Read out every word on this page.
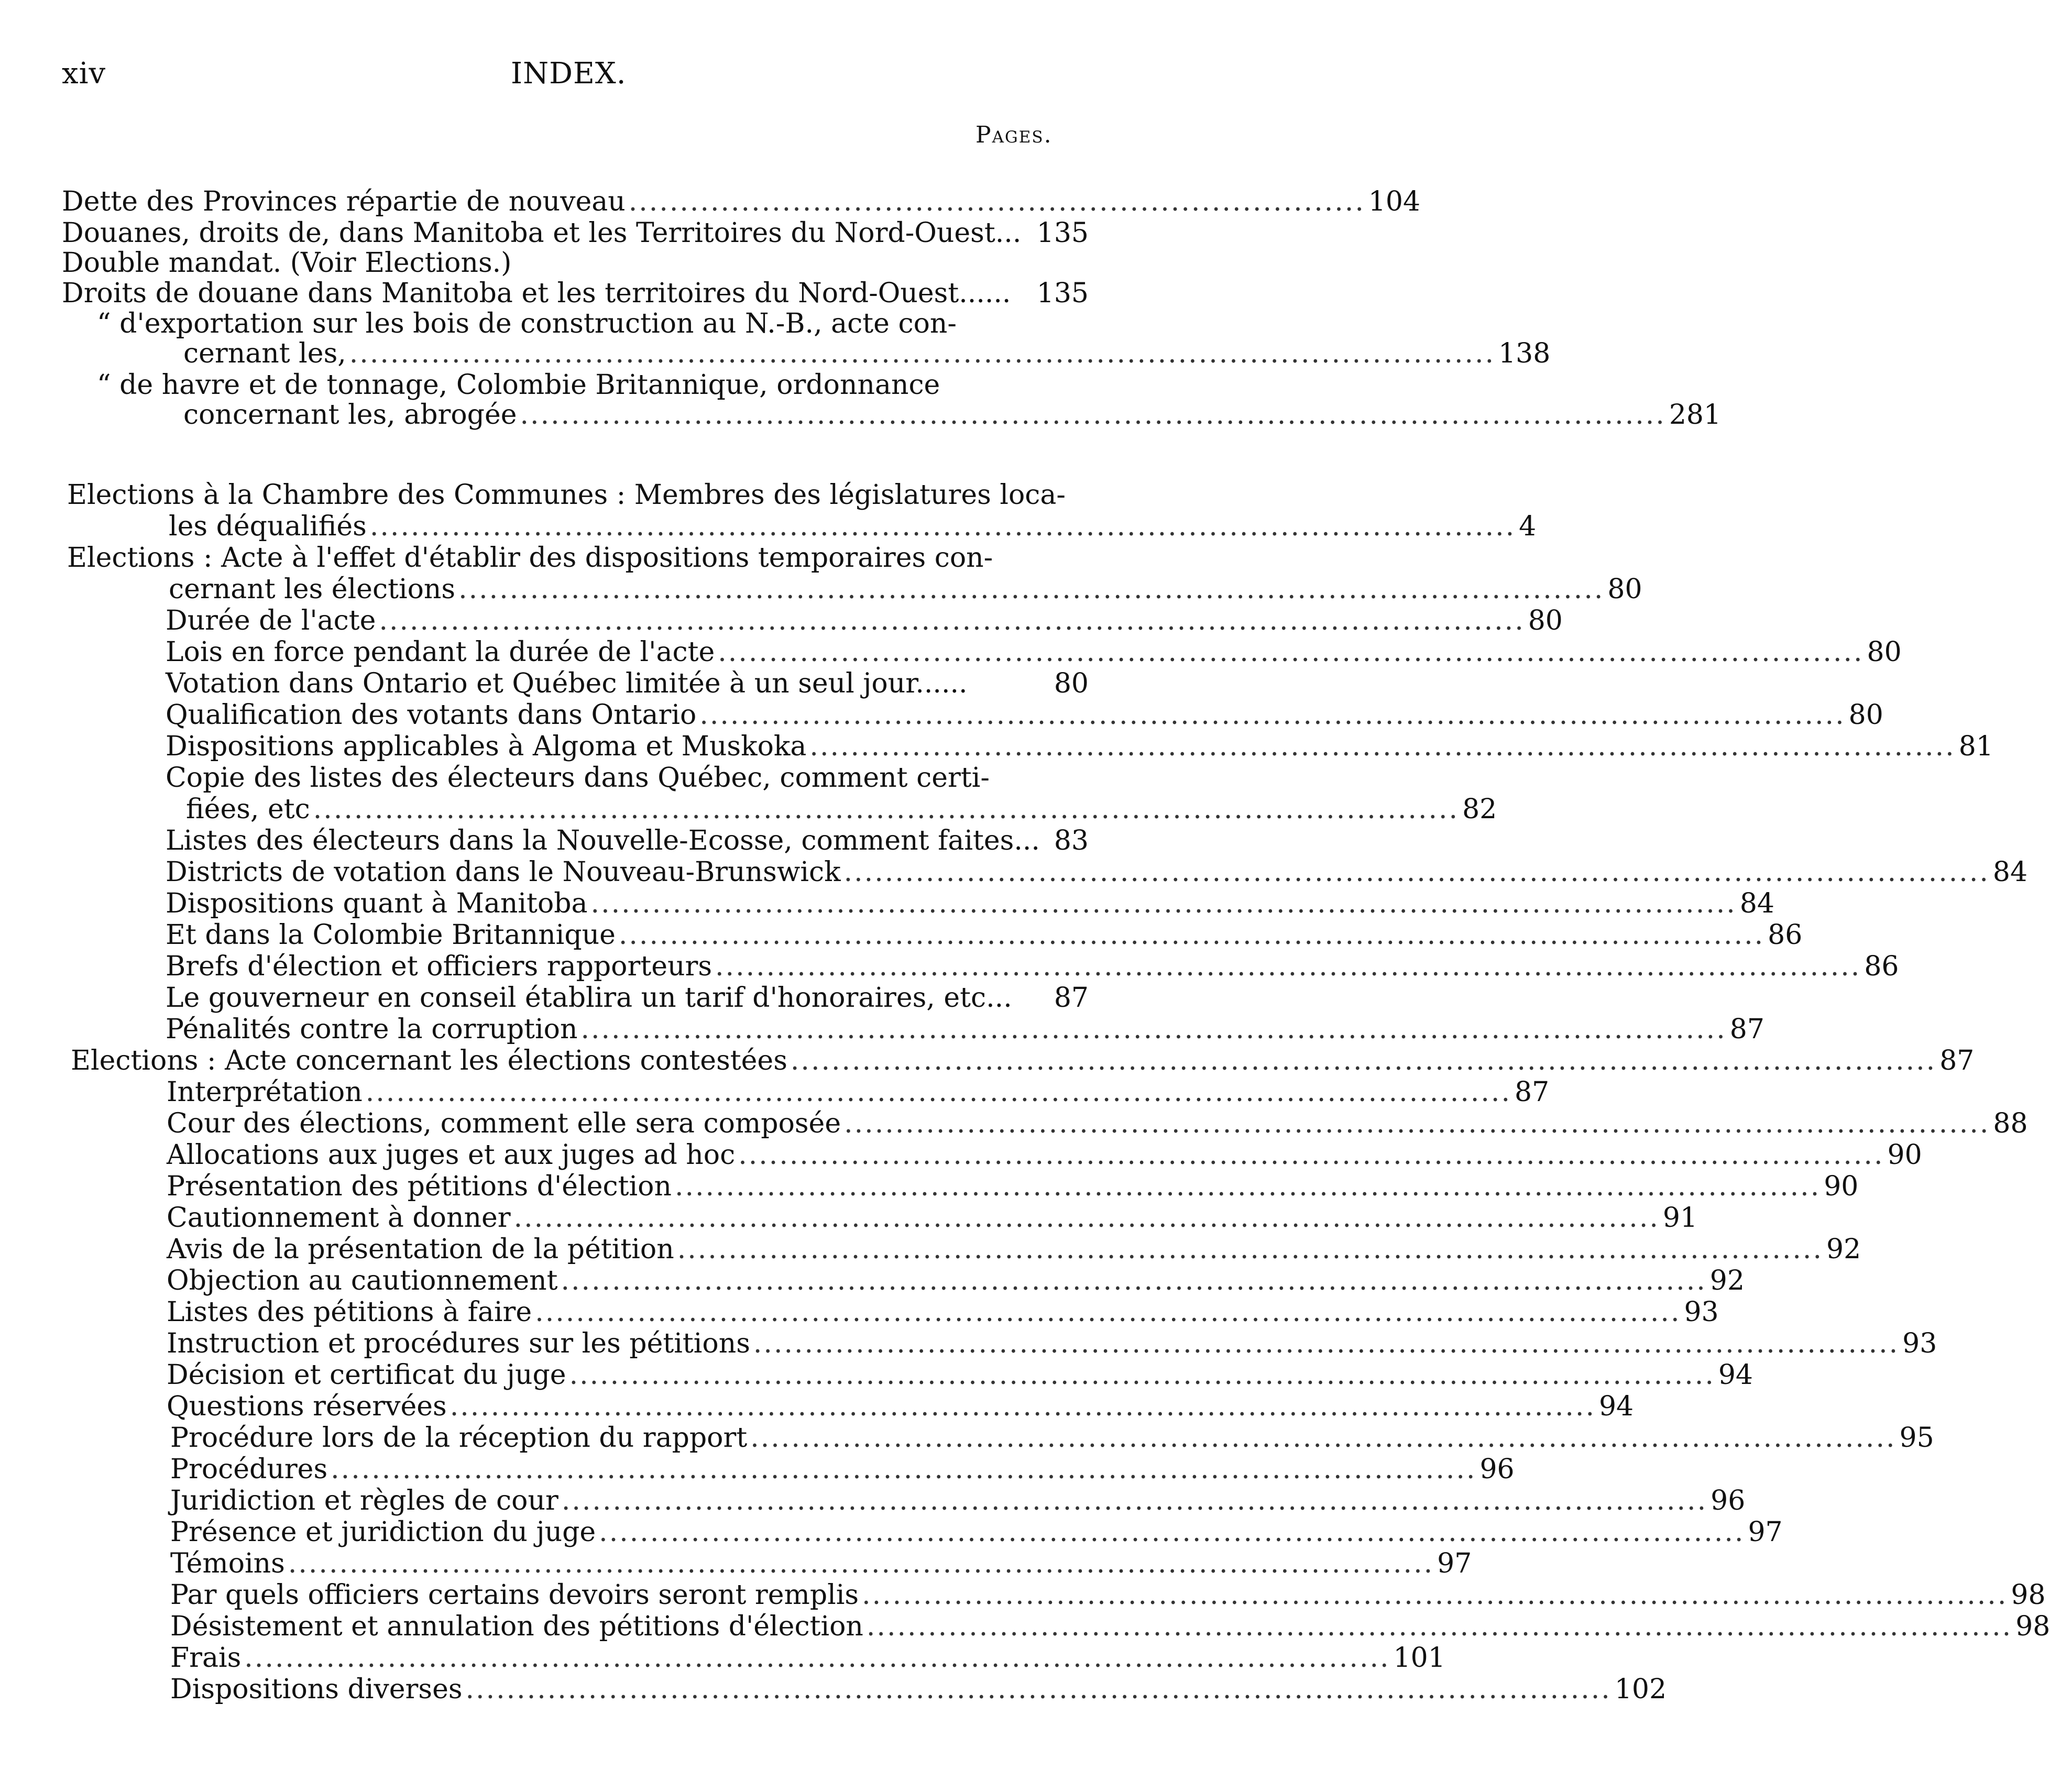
xiv	INDEX.
Pages.
Dette des Provinces répartie de nouveau ........................................................................ 104
Douanes, droits de, dans Manitoba et les Territoires du Nord-Ouest... 135
Double mandat. (Voir Elections.)
Droits de douane dans Manitoba et les territoires du Nord-Ouest...... 135
“ d'exportation sur les bois de construction au N.-B., acte con-
cernant les, ................................................................................................................ 138
“ de havre et de tonnage, Colombie Britannique, ordonnance
concernant les, abrogée ................................................................................................................ 281
Elections à la Chambre des Communes : Membres des législatures loca-
les déqualifiés ................................................................................................................ 4
Elections : Acte à l'effet d'établir des dispositions temporaires con-
cernant les élections ................................................................................................................ 80
Durée de l'acte ................................................................................................................ 80
Lois en force pendant la durée de l'acte ................................................................................................................ 80
Votation dans Ontario et Québec limitée à un seul jour......	80
Qualification des votants dans Ontario ................................................................................................................ 80
Dispositions applicables à Algoma et Muskoka ................................................................................................................ 81
Copie des listes des électeurs dans Québec, comment certi-
fiées, etc ................................................................................................................ 82
Listes des électeurs dans la Nouvelle-Ecosse, comment faites... 83
Districts de votation dans le Nouveau-Brunswick ................................................................................................................ 84
Dispositions quant à Manitoba ................................................................................................................ 84
Et dans la Colombie Britannique ................................................................................................................ 86
Brefs d'élection et officiers rapporteurs ................................................................................................................ 86
Le gouverneur en conseil établira un tarif d'honoraires, etc...	87
Pénalités contre la corruption ................................................................................................................ 87
Elections : Acte concernant les élections contestées ................................................................................................................ 87
Interprétation ................................................................................................................ 87
Cour des élections, comment elle sera composée ................................................................................................................ 88
Allocations aux juges et aux juges ad hoc ................................................................................................................ 90
Présentation des pétitions d'élection ................................................................................................................ 90
Cautionnement à donner ................................................................................................................ 91
Avis de la présentation de la pétition ................................................................................................................ 92
Objection au cautionnement ................................................................................................................ 92
Listes des pétitions à faire ................................................................................................................ 93
Instruction et procédures sur les pétitions ................................................................................................................ 93
Décision et certificat du juge ................................................................................................................ 94
Questions réservées ................................................................................................................ 94
Procédure lors de la réception du rapport ................................................................................................................ 95
Procédures ................................................................................................................ 96
Juridiction et règles de cour ................................................................................................................ 96
Présence et juridiction du juge ................................................................................................................ 97
Témoins ................................................................................................................ 97
Par quels officiers certains devoirs seront remplis ................................................................................................................ 98
Désistement et annulation des pétitions d'élection ................................................................................................................ 98
Frais ................................................................................................................ 101
Dispositions diverses ................................................................................................................ 102
